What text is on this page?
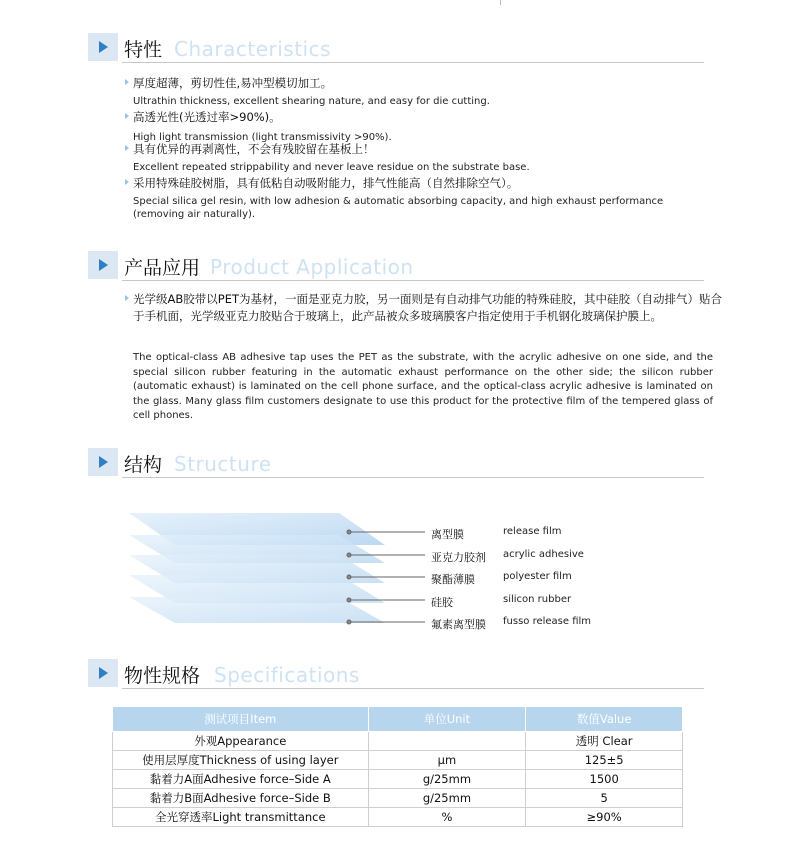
特性 Characteristics
厚度超薄，剪切性佳,易冲型模切加工。
Ultrathin thickness, excellent shearing nature, and easy for die cutting.
高透光性(光透过率>90%)。
High light transmission (light transmissivity >90%).
具有优异的再剥离性，不会有残胶留在基板上！
Excellent repeated strippability and never leave residue on the substrate base.
采用特殊硅胶树脂，具有低粘自动吸附能力，排气性能高（自然排除空气）。
Special silica gel resin, with low adhesion & automatic absorbing capacity, and high exhaust performance (removing air naturally).
产品应用 Product Application
光学级AB胶带以PET为基材，一面是亚克力胶，另一面则是有自动排气功能的特殊硅胶，其中硅胶（自动排气）贴合于手机面，光学级亚克力胶贴合于玻璃上，此产品被众多玻璃膜客户指定使用于手机钢化玻璃保护膜上。
The optical-class AB adhesive tap uses the PET as the substrate, with the acrylic adhesive on one side, and the special silicon rubber featuring in the automatic exhaust performance on the other side; the silicon rubber (automatic exhaust) is laminated on the cell phone surface, and the optical-class acrylic adhesive is laminated on the glass. Many glass film customers designate to use this product for the protective film of the tempered glass of cell phones.
结构 Structure
离型膜	release film
亚克力胶剂 acrylic adhesive
聚酯薄膜	polyester film
硅胶	silicon rubber
氟素离型膜 fusso release film
物性规格 Specifications
测试项目Item	单位Unit	数值Value
外观Appearance		透明 Clear
使用层厚度Thickness of using layer	μm	125±5
黏着力A面Adhesive force–Side A	g/25mm	1500
黏着力B面Adhesive force–Side B	g/25mm	5
全光穿透率Light transmittance	%	≥90%
